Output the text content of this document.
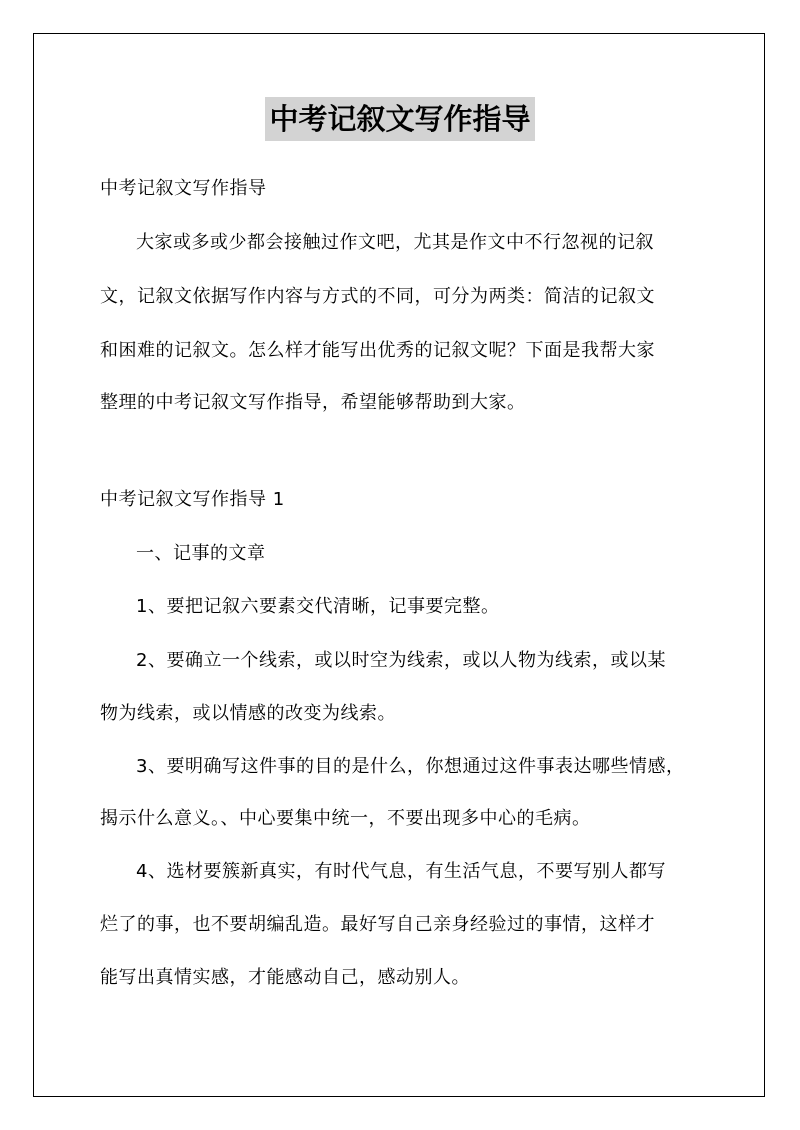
中考记叙文写作指导
中考记叙文写作指导
大家或多或少都会接触过作文吧，尤其是作文中不行忽视的记叙
文，记叙文依据写作内容与方式的不同，可分为两类：简洁的记叙文
和困难的记叙文。怎么样才能写出优秀的记叙文呢？下面是我帮大家
整理的中考记叙文写作指导，希望能够帮助到大家。
中考记叙文写作指导 1
一、记事的文章
1、要把记叙六要素交代清晰，记事要完整。
2、要确立一个线索，或以时空为线索，或以人物为线索，或以某
物为线索，或以情感的改变为线索。
3、要明确写这件事的目的是什么，你想通过这件事表达哪些情感，
揭示什么意义。、中心要集中统一，不要出现多中心的毛病。
4、选材要簇新真实，有时代气息，有生活气息，不要写别人都写
烂了的事，也不要胡编乱造。最好写自己亲身经验过的事情，这样才
能写出真情实感，才能感动自己，感动别人。
